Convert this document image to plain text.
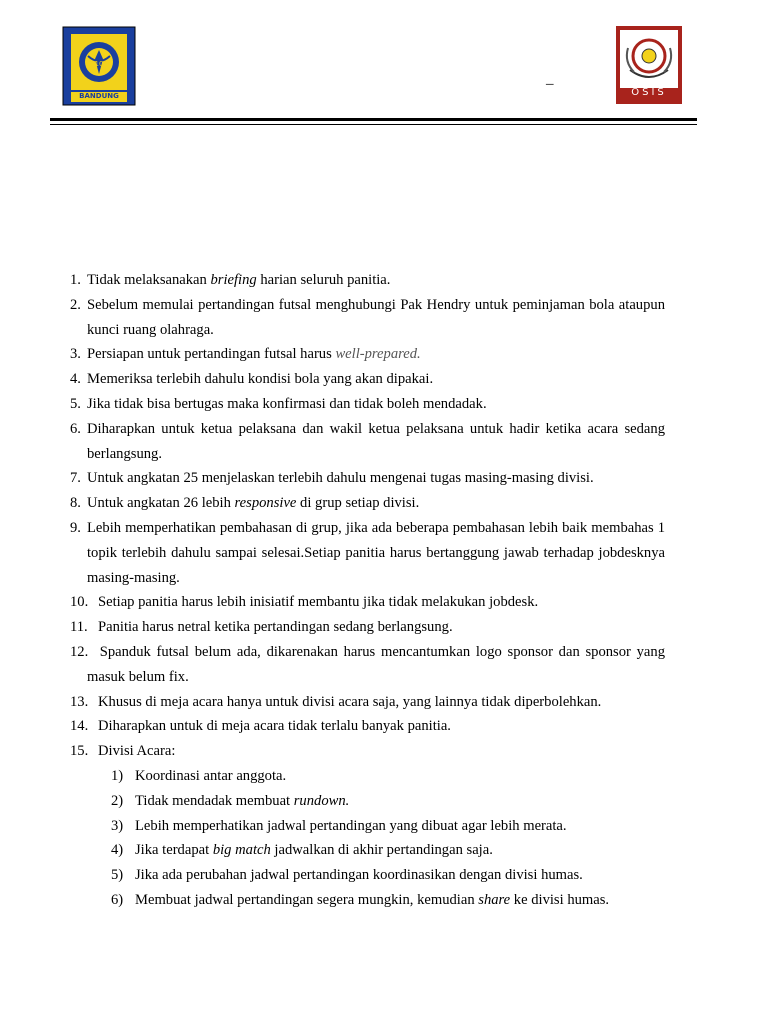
10
BANDUNG
–
OSIS
1. Tidak melaksanakan briefing harian seluruh panitia.
2. Sebelum memulai pertandingan futsal menghubungi Pak Hendry untuk peminjaman bola ataupun kunci ruang olahraga.
3. Persiapan untuk pertandingan futsal harus well-prepared.
4. Memeriksa terlebih dahulu kondisi bola yang akan dipakai.
5. Jika tidak bisa bertugas maka konfirmasi dan tidak boleh mendadak.
6. Diharapkan untuk ketua pelaksana dan wakil ketua pelaksana untuk hadir ketika acara sedang berlangsung.
7. Untuk angkatan 25 menjelaskan terlebih dahulu mengenai tugas masing-masing divisi.
8. Untuk angkatan 26 lebih responsive di grup setiap divisi.
9. Lebih memperhatikan pembahasan di grup, jika ada beberapa pembahasan lebih baik membahas 1 topik terlebih dahulu sampai selesai.Setiap panitia harus bertanggung jawab terhadap jobdesknya masing-masing.
10. Setiap panitia harus lebih inisiatif membantu jika tidak melakukan jobdesk.
11. Panitia harus netral ketika pertandingan sedang berlangsung.
12. Spanduk futsal belum ada, dikarenakan harus mencantumkan logo sponsor dan sponsor yang masuk belum fix.
13. Khusus di meja acara hanya untuk divisi acara saja, yang lainnya tidak diperbolehkan.
14. Diharapkan untuk di meja acara tidak terlalu banyak panitia.
15. Divisi Acara:
1) Koordinasi antar anggota.
2) Tidak mendadak membuat rundown.
3) Lebih memperhatikan jadwal pertandingan yang dibuat agar lebih merata.
4) Jika terdapat big match jadwalkan di akhir pertandingan saja.
5) Jika ada perubahan jadwal pertandingan koordinasikan dengan divisi humas.
6) Membuat jadwal pertandingan segera mungkin, kemudian share ke divisi humas.
